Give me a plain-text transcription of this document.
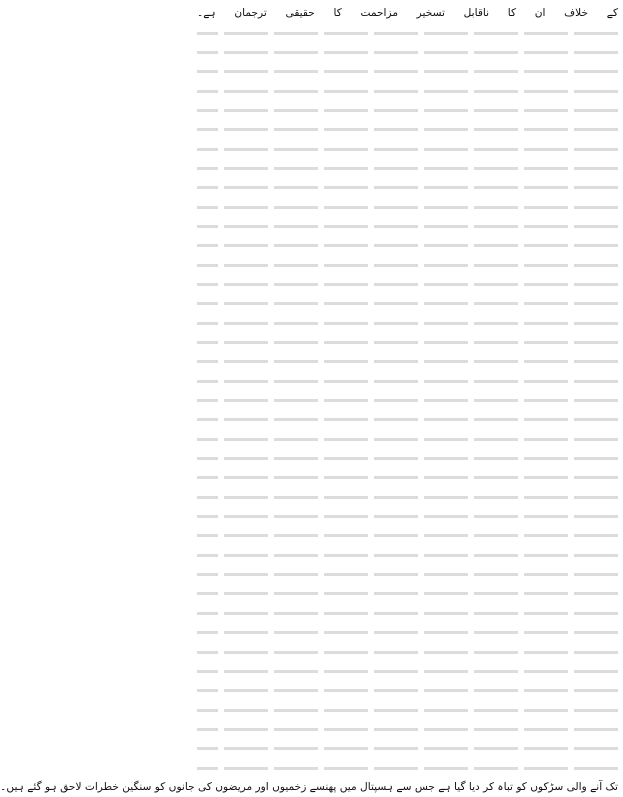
کے خلاف ان کا ناقابل تسخیر مزاحمت کا حقیقی ترجمان ہے۔
تک آنے والی سڑکوں کو تباہ کر دیا گیا ہے جس سے ہسپتال میں پھنسے زخمیوں اور مریضوں کی جانوں کو سنگین خطرات لاحق ہو گئے ہیں۔
